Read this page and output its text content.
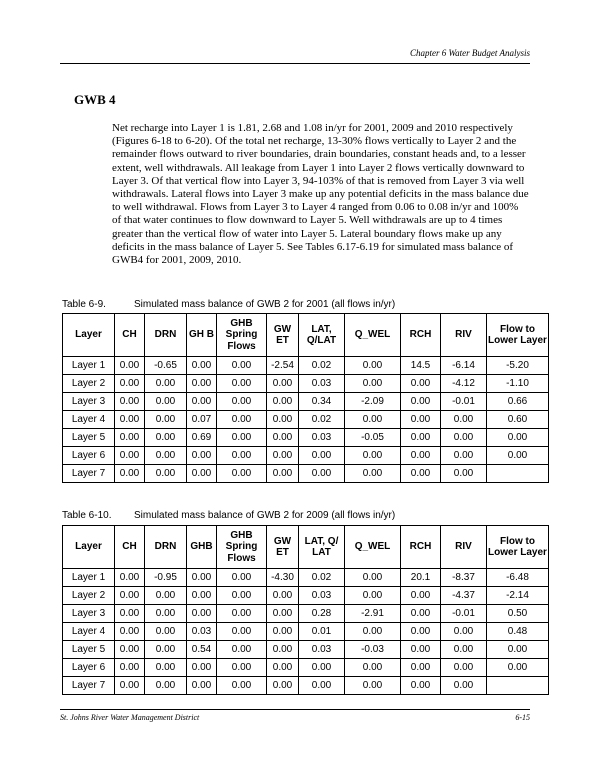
Chapter 6 Water Budget Analysis
GWB 4
Net recharge into Layer 1 is 1.81, 2.68 and 1.08 in/yr for 2001, 2009 and 2010 respectively (Figures 6-18 to 6-20). Of the total net recharge, 13-30% flows vertically to Layer 2 and the remainder flows outward to river boundaries, drain boundaries, constant heads and, to a lesser extent, well withdrawals. All leakage from Layer 1 into Layer 2 flows vertically downward to Layer 3. Of that vertical flow into Layer 3, 94-103% of that is removed from Layer 3 via well withdrawals. Lateral flows into Layer 3 make up any potential deficits in the mass balance due to well withdrawal. Flows from Layer 3 to Layer 4 ranged from 0.06 to 0.08 in/yr and 100% of that water continues to flow downward to Layer 5. Well withdrawals are up to 4 times greater than the vertical flow of water into Layer 5. Lateral boundary flows make up any deficits in the mass balance of Layer 5. See Tables 6.17-6.19 for simulated mass balance of GWB4 for 2001, 2009, 2010.
Table 6-9.	Simulated mass balance of GWB 2 for 2001 (all flows in/yr)
Layer	CH	DRN	GH B	GHB Spring Flows	GW ET	LAT, Q/LAT	Q_WEL	RCH	RIV	Flow to Lower Layer
Layer 1	0.00	-0.65	0.00	0.00	-2.54	0.02	0.00	14.5	-6.14	-5.20
Layer 2	0.00	0.00	0.00	0.00	0.00	0.03	0.00	0.00	-4.12	-1.10
Layer 3	0.00	0.00	0.00	0.00	0.00	0.34	-2.09	0.00	-0.01	0.66
Layer 4	0.00	0.00	0.07	0.00	0.00	0.02	0.00	0.00	0.00	0.60
Layer 5	0.00	0.00	0.69	0.00	0.00	0.03	-0.05	0.00	0.00	0.00
Layer 6	0.00	0.00	0.00	0.00	0.00	0.00	0.00	0.00	0.00	0.00
Layer 7	0.00	0.00	0.00	0.00	0.00	0.00	0.00	0.00	0.00	
Table 6-10. Simulated mass balance of GWB 2 for 2009 (all flows in/yr)
Layer	CH	DRN	GHB	GHB Spring Flows	GW ET	LAT, Q/ LAT	Q_WEL	RCH	RIV	Flow to Lower Layer
Layer 1	0.00	-0.95	0.00	0.00	-4.30	0.02	0.00	20.1	-8.37	-6.48
Layer 2	0.00	0.00	0.00	0.00	0.00	0.03	0.00	0.00	-4.37	-2.14
Layer 3	0.00	0.00	0.00	0.00	0.00	0.28	-2.91	0.00	-0.01	0.50
Layer 4	0.00	0.00	0.03	0.00	0.00	0.01	0.00	0.00	0.00	0.48
Layer 5	0.00	0.00	0.54	0.00	0.00	0.03	-0.03	0.00	0.00	0.00
Layer 6	0.00	0.00	0.00	0.00	0.00	0.00	0.00	0.00	0.00	0.00
Layer 7	0.00	0.00	0.00	0.00	0.00	0.00	0.00	0.00	0.00	
St. Johns River Water Management District	6-15
